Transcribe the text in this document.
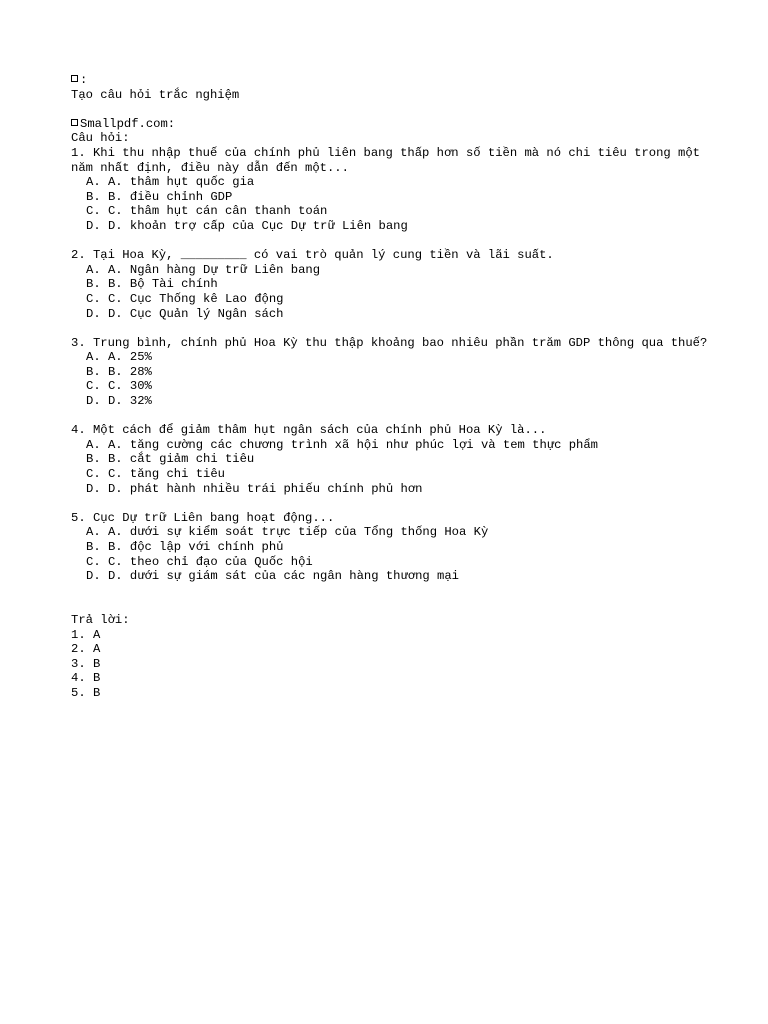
:
Tạo câu hỏi trắc nghiệm
Smallpdf.com:
Câu hỏi:
1. Khi thu nhập thuế của chính phủ liên bang thấp hơn số tiền mà nó chi tiêu trong một năm nhất định, điều này dẫn đến một...
A. A. thâm hụt quốc gia
B. B. điều chỉnh GDP
C. C. thâm hụt cán cân thanh toán
D. D. khoản trợ cấp của Cục Dự trữ Liên bang
2. Tại Hoa Kỳ, _________ có vai trò quản lý cung tiền và lãi suất.
A. A. Ngân hàng Dự trữ Liên bang
B. B. Bộ Tài chính
C. C. Cục Thống kê Lao động
D. D. Cục Quản lý Ngân sách
3. Trung bình, chính phủ Hoa Kỳ thu thập khoảng bao nhiêu phần trăm GDP thông qua thuế?
A. A. 25%
B. B. 28%
C. C. 30%
D. D. 32%
4. Một cách để giảm thâm hụt ngân sách của chính phủ Hoa Kỳ là...
A. A. tăng cường các chương trình xã hội như phúc lợi và tem thực phẩm
B. B. cắt giảm chi tiêu
C. C. tăng chi tiêu
D. D. phát hành nhiều trái phiếu chính phủ hơn
5. Cục Dự trữ Liên bang hoạt động...
A. A. dưới sự kiểm soát trực tiếp của Tổng thống Hoa Kỳ
B. B. độc lập với chính phủ
C. C. theo chỉ đạo của Quốc hội
D. D. dưới sự giám sát của các ngân hàng thương mại
Trả lời:
1. A
2. A
3. B
4. B
5. B
